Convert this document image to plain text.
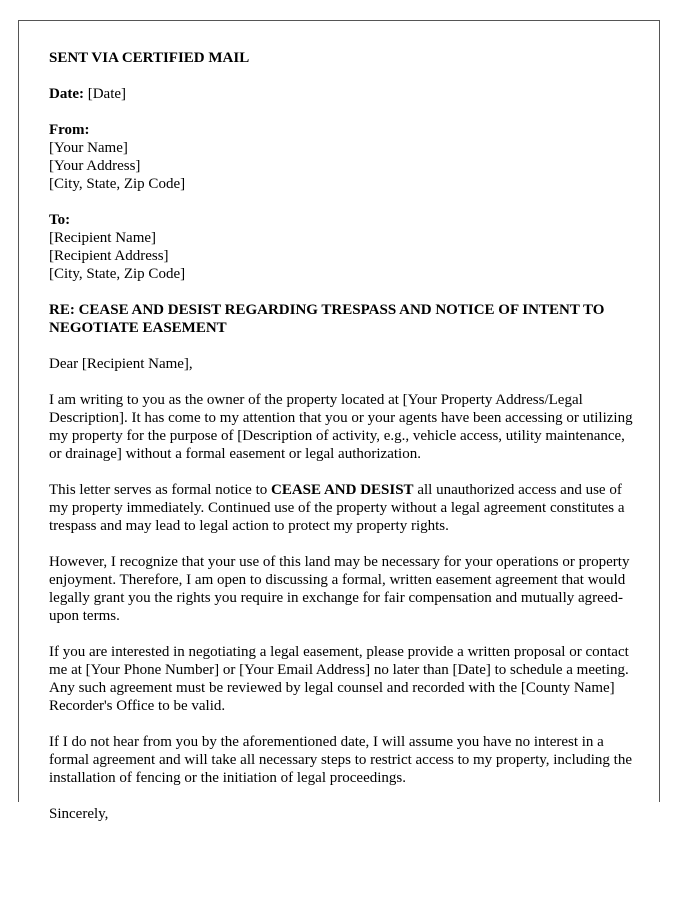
SENT VIA CERTIFIED MAIL

Date: [Date]

From:
[Your Name]
[Your Address]
[City, State, Zip Code]
To:
[Recipient Name]
[Recipient Address]
[City, State, Zip Code]
RE: CEASE AND DESIST REGARDING TRESPASS AND NOTICE OF INTENT TO NEGOTIATE EASEMENT

Dear [Recipient Name],

I am writing to you as the owner of the property located at [Your Property Address/Legal Description]. It has come to my attention that you or your agents have been accessing or utilizing my property for the purpose of [Description of activity, e.g., vehicle access, utility maintenance, or drainage] without a formal easement or legal authorization.

This letter serves as formal notice to CEASE AND DESIST all unauthorized access and use of my property immediately. Continued use of the property without a legal agreement constitutes a trespass and may lead to legal action to protect my property rights.

However, I recognize that your use of this land may be necessary for your operations or property enjoyment. Therefore, I am open to discussing a formal, written easement agreement that would legally grant you the rights you require in exchange for fair compensation and mutually agreed-upon terms.

If you are interested in negotiating a legal easement, please provide a written proposal or contact me at [Your Phone Number] or [Your Email Address] no later than [Date] to schedule a meeting. Any such agreement must be reviewed by legal counsel and recorded with the [County Name] Recorder's Office to be valid.

If I do not hear from you by the aforementioned date, I will assume you have no interest in a formal agreement and will take all necessary steps to restrict access to my property, including the installation of fencing or the initiation of legal proceedings.

Sincerely,
